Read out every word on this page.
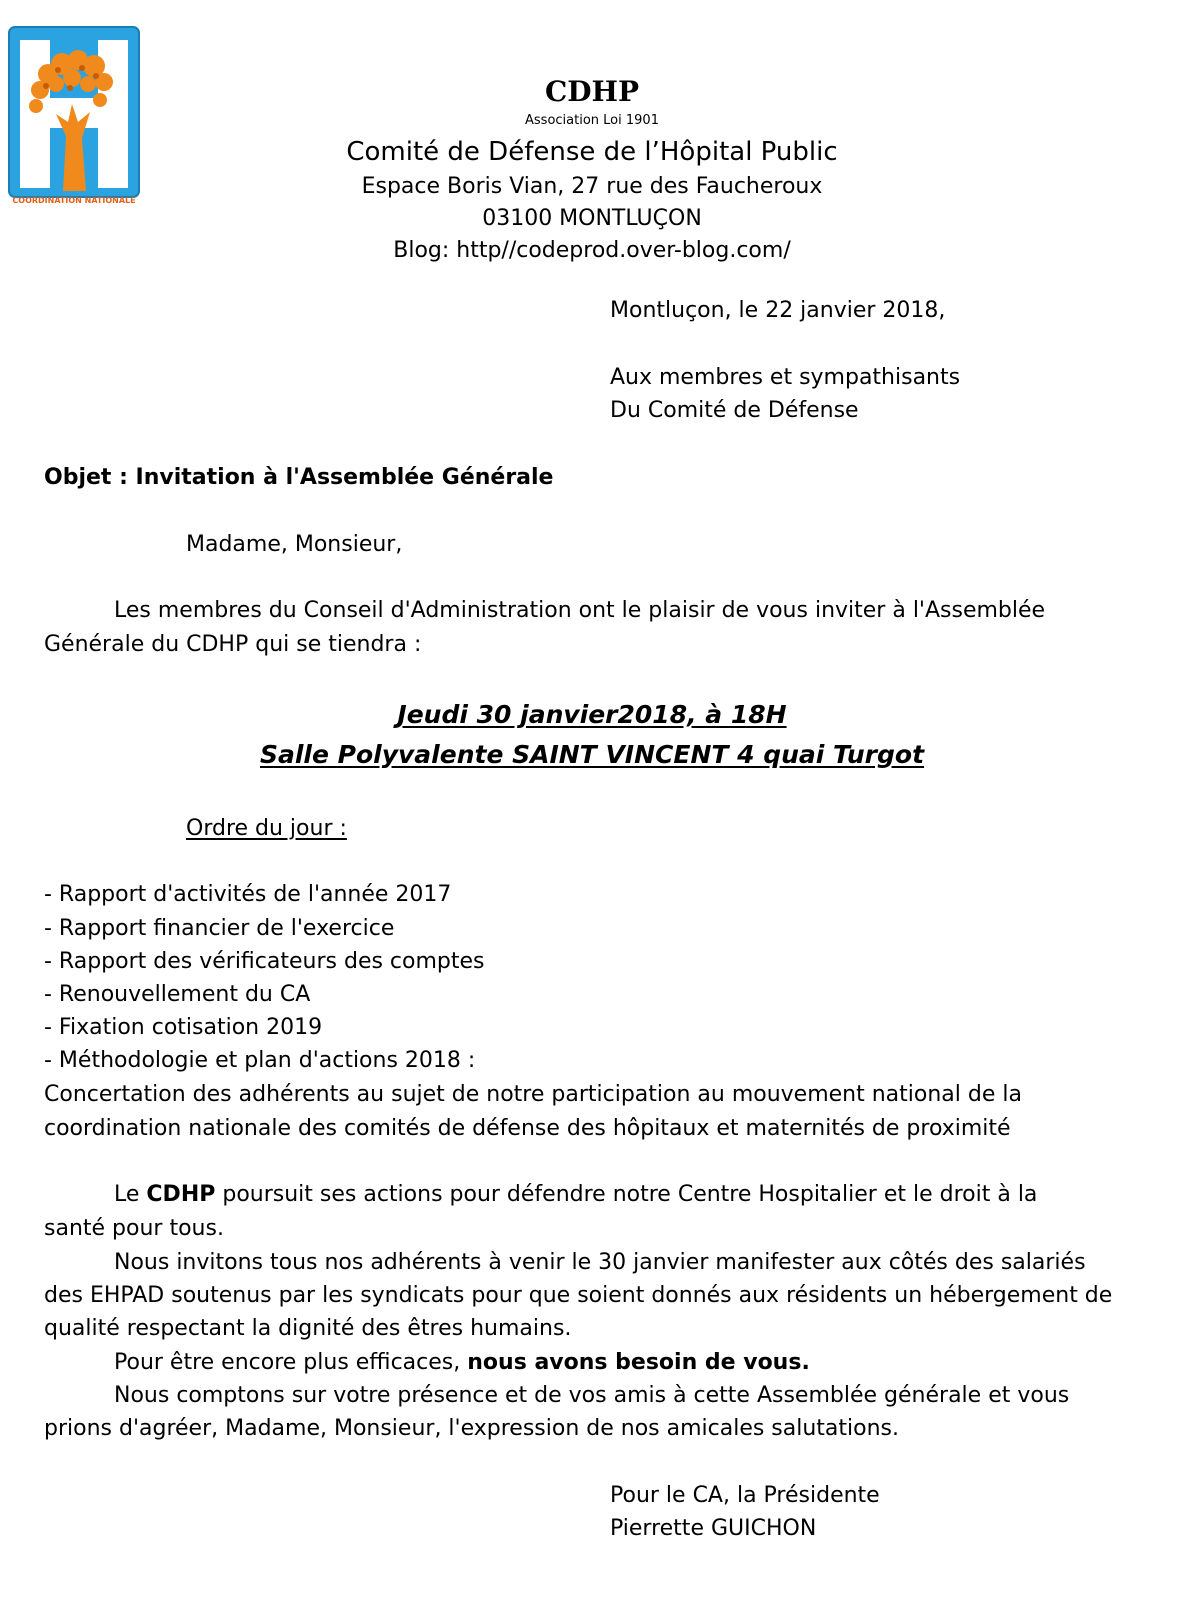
COORDINATION NATIONALE
CDHP
Association Loi 1901
Comité de Défense de l’Hôpital Public
Espace Boris Vian, 27 rue des Faucheroux
03100 MONTLUÇON
Blog: http//codeprod.over-blog.com/
Montluçon, le 22 janvier 2018,
Aux membres et sympathisants
Du Comité de Défense
Objet : Invitation à l'Assemblée Générale
Madame, Monsieur,
Les membres du Conseil d'Administration ont le plaisir de vous inviter à l'Assemblée
Générale du CDHP qui se tiendra :
Jeudi 30 janvier2018, à 18H
Salle Polyvalente SAINT VINCENT 4 quai Turgot
Ordre du jour :
- Rapport d'activités de l'année 2017
- Rapport financier de l'exercice
- Rapport des vérificateurs des comptes
- Renouvellement du CA
- Fixation cotisation 2019
- Méthodologie et plan d'actions 2018 :
Concertation des adhérents au sujet de notre participation au mouvement national de la
coordination nationale des comités de défense des hôpitaux et maternités de proximité
Le CDHP poursuit ses actions pour défendre notre Centre Hospitalier et le droit à la
santé pour tous.
Nous invitons tous nos adhérents à venir le 30 janvier manifester aux côtés des salariés
des EHPAD soutenus par les syndicats pour que soient donnés aux résidents un hébergement de
qualité respectant la dignité des êtres humains.
Pour être encore plus efficaces, nous avons besoin de vous.
Nous comptons sur votre présence et de vos amis à cette Assemblée générale et vous
prions d'agréer, Madame, Monsieur, l'expression de nos amicales salutations.
Pour le CA, la Présidente
Pierrette GUICHON
